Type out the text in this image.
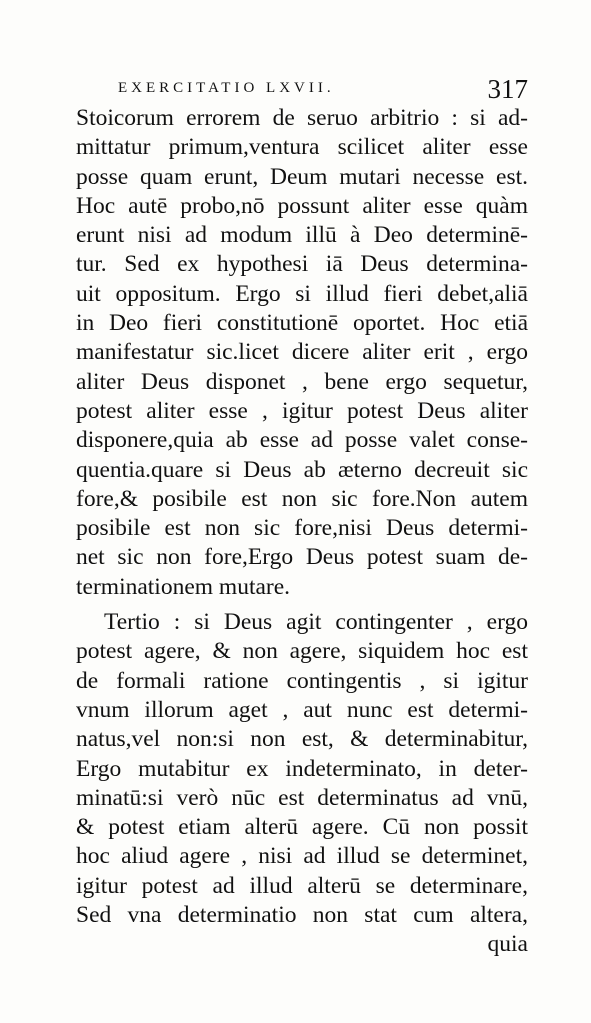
EXERCITATIO LXVII.	317
Stoicorum errorem de seruo arbitrio : si ad-
mittatur primum,ventura scilicet aliter esse
posse quam erunt, Deum mutari necesse est.
Hoc autē probo,nō possunt aliter esse quàm
erunt nisi ad modum illū à Deo determinē-
tur. Sed ex hypothesi iā Deus determina-
uit oppositum. Ergo si illud fieri debet,aliā
in Deo fieri constitutionē oportet. Hoc etiā
manifestatur sic.licet dicere aliter erit , ergo
aliter Deus disponet , bene ergo sequetur,
potest aliter esse , igitur potest Deus aliter
disponere,quia ab esse ad posse valet conse-
quentia.quare si Deus ab æterno decreuit sic
fore,& posibile est non sic fore.Non autem
posibile est non sic fore,nisi Deus determi-
net sic non fore,Ergo Deus potest suam de-
terminationem mutare.
Tertio : si Deus agit contingenter , ergo
potest agere, & non agere, siquidem hoc est
de formali ratione contingentis , si igitur
vnum illorum aget , aut nunc est determi-
natus,vel non:si non est, & determinabitur,
Ergo mutabitur ex indeterminato, in deter-
minatū:si verò nūc est determinatus ad vnū,
& potest etiam alterū agere. Cū non possit
hoc aliud agere , nisi ad illud se determinet,
igitur potest ad illud alterū se determinare,
Sed vna determinatio non stat cum altera,
quia
